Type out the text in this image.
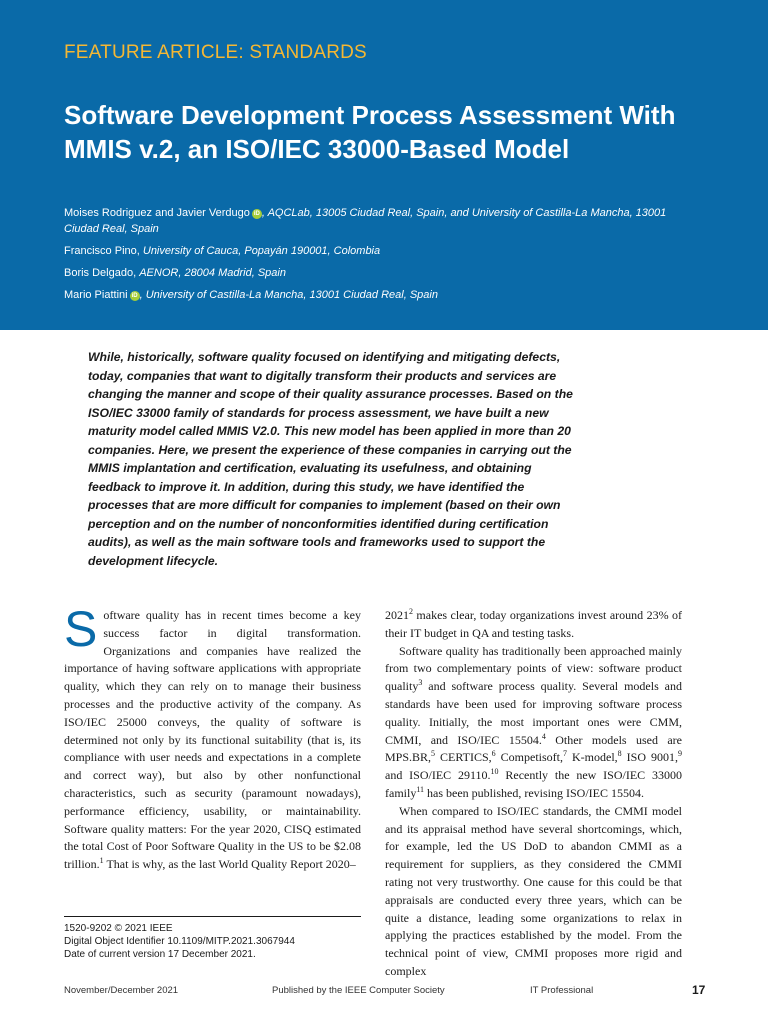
FEATURE ARTICLE: STANDARDS
Software Development Process Assessment With MMIS v.2, an ISO/IEC 33000-Based Model
Moises Rodriguez and Javier Verdugo iD , AQCLab, 13005 Ciudad Real, Spain, and University of Castilla-La Mancha, 13001 Ciudad Real, Spain
Francisco Pino, University of Cauca, Popayán 190001, Colombia
Boris Delgado, AENOR, 28004 Madrid, Spain
Mario Piattini iD , University of Castilla-La Mancha, 13001 Ciudad Real, Spain
While, historically, software quality focused on identifying and mitigating defects, today, companies that want to digitally transform their products and services are changing the manner and scope of their quality assurance processes. Based on the ISO/IEC 33000 family of standards for process assessment, we have built a new maturity model called MMIS V2.0. This new model has been applied in more than 20 companies. Here, we present the experience of these companies in carrying out the MMIS implantation and certification, evaluating its usefulness, and obtaining feedback to improve it. In addition, during this study, we have identified the processes that are more difficult for companies to implement (based on their own perception and on the number of nonconformities identified during certification audits), as well as the main software tools and frameworks used to support the development lifecycle.

Software quality has in recent times become a key success factor in digital transformation. Organizations and companies have realized the importance of having software applications with appropriate quality, which they can rely on to manage their business processes and the productive activity of the company. As ISO/IEC 25000 conveys, the quality of software is determined not only by its functional suitability (that is, its compliance with user needs and expectations in a complete and correct way), but also by other nonfunctional characteristics, such as security (paramount nowadays), performance efficiency, usability, or maintainability. Software quality matters: For the year 2020, CISQ estimated the total Cost of Poor Software Quality in the US to be $2.08 trillion.$^1$ That is why, as the last World Quality Report 2020–

2021$^2$ makes clear, today organizations invest around 23% of their IT budget in QA and testing tasks.

Software quality has traditionally been approached mainly from two complementary points of view: software product quality$^3$ and software process quality. Several models and standards have been used for improving software process quality. Initially, the most important ones were CMM, CMMI, and ISO/IEC 15504.$^4$ Other models used are MPS.BR,$^5$ CERTICS,$^6$ Competisoft,$^7$ K-model,$^8$ ISO 9001,$^9$ and ISO/IEC 29110.10 Recently the new ISO/IEC 33000 family$^{11}$ has been published, revising ISO/IEC 15504.

When compared to ISO/IEC standards, the CMMI model and its appraisal method have several shortcomings, which, for example, led the US DoD to abandon CMMI as a requirement for suppliers, as they considered the CMMI rating not very trustworthy. One cause for this could be that appraisals are conducted every three years, which can be quite a distance, leading some organizations to relax in applying the practices established by the model. From the technical point of view, CMMI proposes more rigid and complex

1520-9202 © 2021 IEEE
Digital Object Identifier 10.1109/MITP.2021.3067944
Date of current version 17 December 2021.
November/December 2021	Published by the IEEE Computer Society	IT Professional	17
